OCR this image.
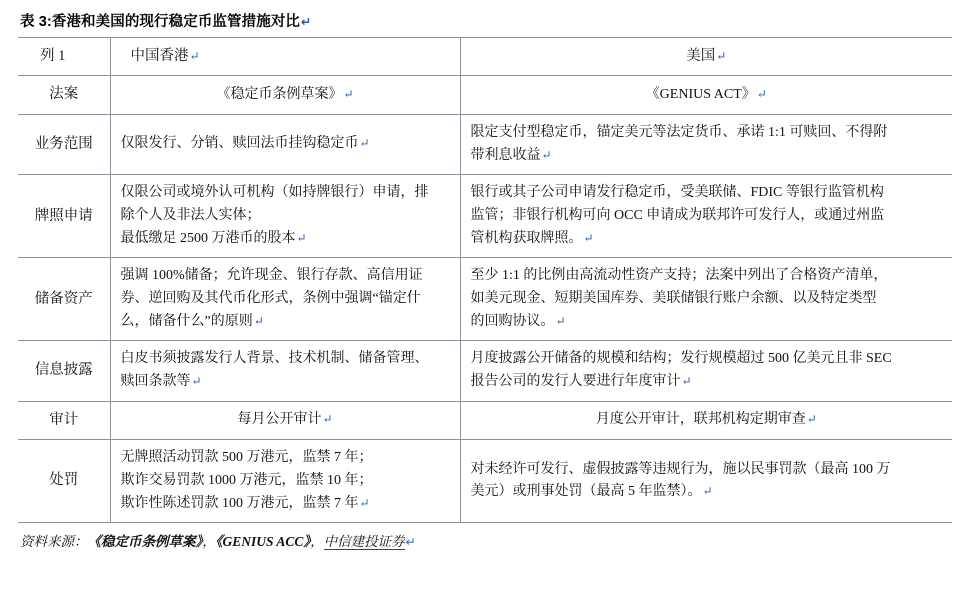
表 3:香港和美国的现行稳定币监管措施对比↵
列 1	中国香港↵	美国↵
法案	《稳定币条例草案》↵	《GENIUS ACT》↵

业务范围	仅限发行、分销、赎回法币挂钩稳定币↵	限定支付型稳定币，锚定美元等法定货币、承诺 1:1 可赎回、不得附
带利息收益↵

牌照申请	仅限公司或境外认可机构（如持牌银行）申请，排
除个人及非法人实体；
最低缴足 2500 万港币的股本↵	银行或其子公司申请发行稳定币，受美联储、FDIC 等银行监管机构
监管；非银行机构可向 OCC 申请成为联邦许可发行人，或通过州监
管机构获取牌照。↵

储备资产	强调 100%储备；允许现金、银行存款、高信用证
券、逆回购及其代币化形式，条例中强调“锚定什
么，储备什么”的原则↵	至少 1:1 的比例由高流动性资产支持；法案中列出了合格资产清单，
如美元现金、短期美国库券、美联储银行账户余额、以及特定类型
的回购协议。↵

信息披露	白皮书须披露发行人背景、技术机制、储备管理、
赎回条款等↵	月度披露公开储备的规模和结构；发行规模超过 500 亿美元且非 SEC
报告公司的发行人要进行年度审计↵

审计	每月公开审计↵	月度公开审计，联邦机构定期审查↵

处罚	无牌照活动罚款 500 万港元，监禁 7 年；
欺诈交易罚款 1000 万港元，监禁 10 年；
欺诈性陈述罚款 100 万港元，监禁 7 年↵	对未经许可发行、虚假披露等违规行为，施以民事罚款（最高 100 万
美元）或刑事处罚（最高 5 年监禁）。↵
资料来源：《稳定币条例草案》，《GENIUS ACC》，中信建投证券↵
